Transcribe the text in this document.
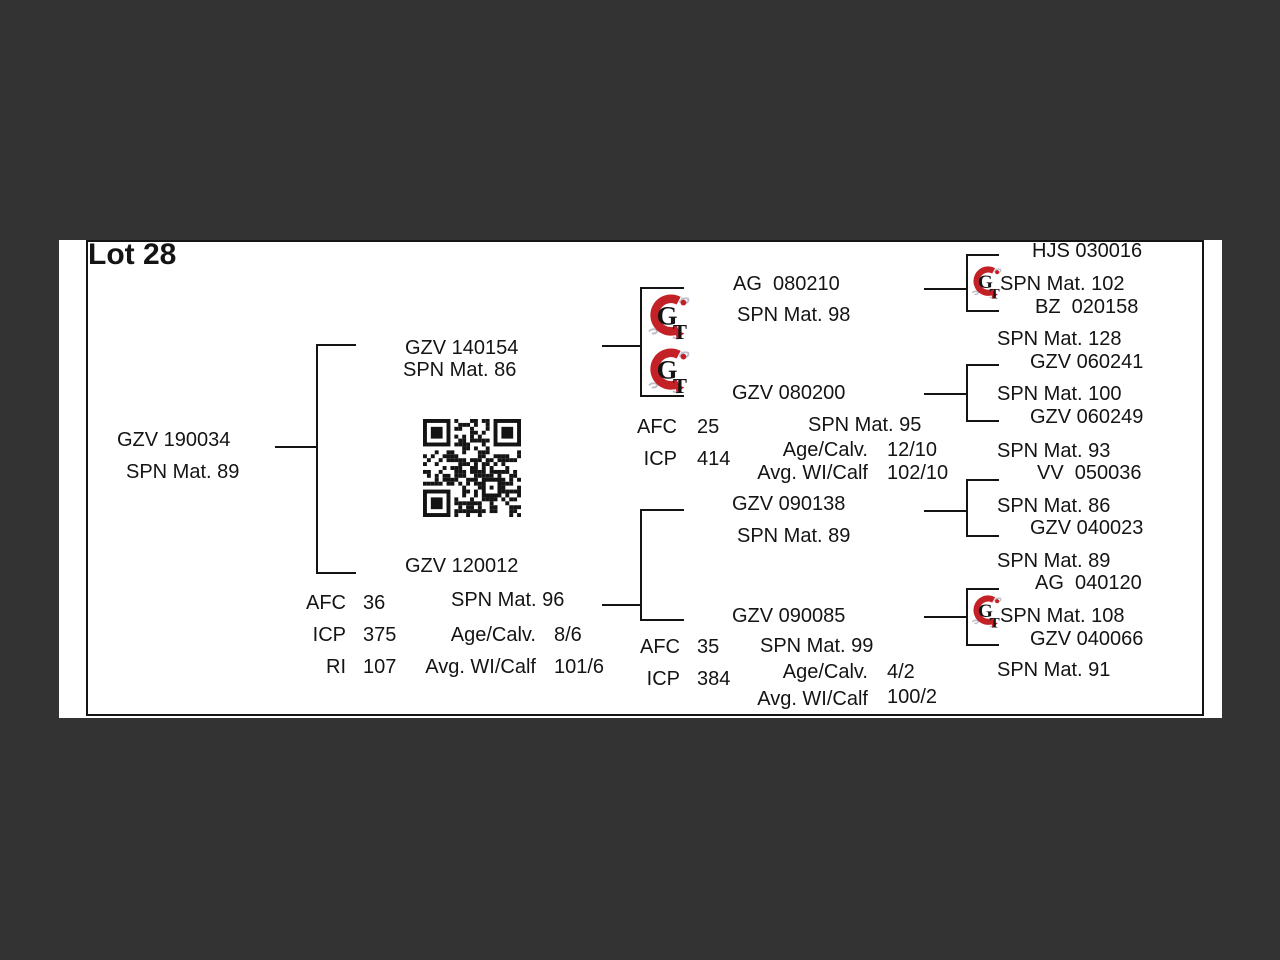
Lot 28
GZV 190034
SPN Mat. 89
GZV 140154
SPN Mat. 86
GZV 120012
SPN Mat. 96
AFC 36
ICP 375
RI 107
Age/Calv. 8/6
Avg. WI/Calf 101/6
AG  080210
SPN Mat. 98
GZV 080200
SPN Mat. 95
AFC 25
ICP 414	Age/Calv. 12/10
Avg. WI/Calf 102/10
GZV 090138
SPN Mat. 89
GZV 090085
SPN Mat. 99
AFC 35
ICP 384	Age/Calv. 4/2
Avg. WI/Calf 100/2
HJS 030016
SPN Mat. 102
BZ  020158
SPN Mat. 128
GZV 060241
SPN Mat. 100
GZV 060249
SPN Mat. 93
VV  050036
SPN Mat. 86
GZV 040023
SPN Mat. 89
AG  040120
SPN Mat. 108
GZV 040066
SPN Mat. 91
